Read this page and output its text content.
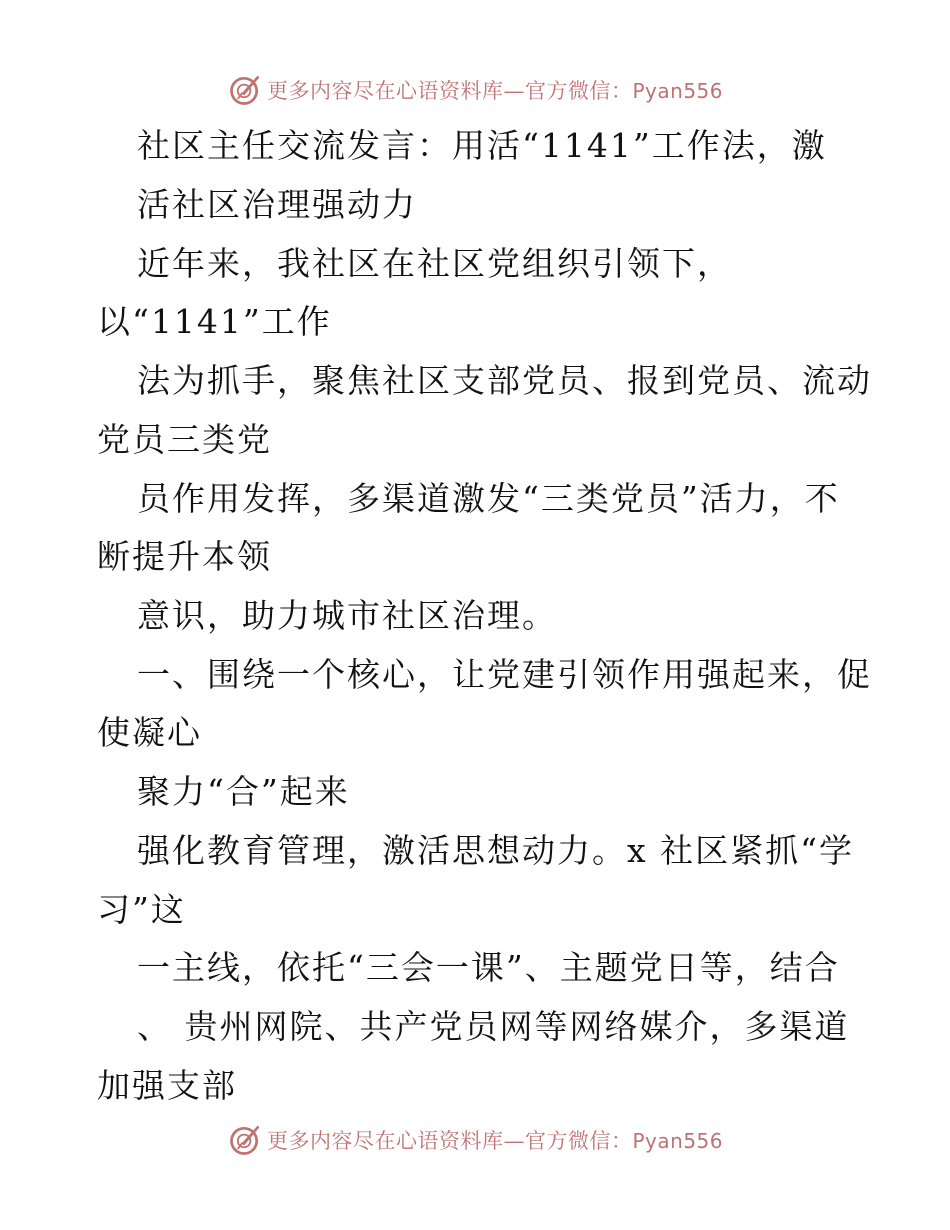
更多内容尽在心语资料库—官方微信：Pyan556
社区主任交流发言：用活“1141”工作法，激
活社区治理强动力
近年来，我社区在社区党组织引领下，
以“1141”工作
法为抓手，聚焦社区支部党员、报到党员、流动
党员三类党
员作用发挥，多渠道激发“三类党员”活力，不
断提升本领
意识，助力城市社区治理。
一、围绕一个核心，让党建引领作用强起来，促
使凝心
聚力“合”起来
强化教育管理，激活思想动力。x 社区紧抓“学
习”这
一主线，依托“三会一课”、主题党日等，结合
、 贵州网院、共产党员网等网络媒介，多渠道
加强支部
更多内容尽在心语资料库—官方微信：Pyan556
